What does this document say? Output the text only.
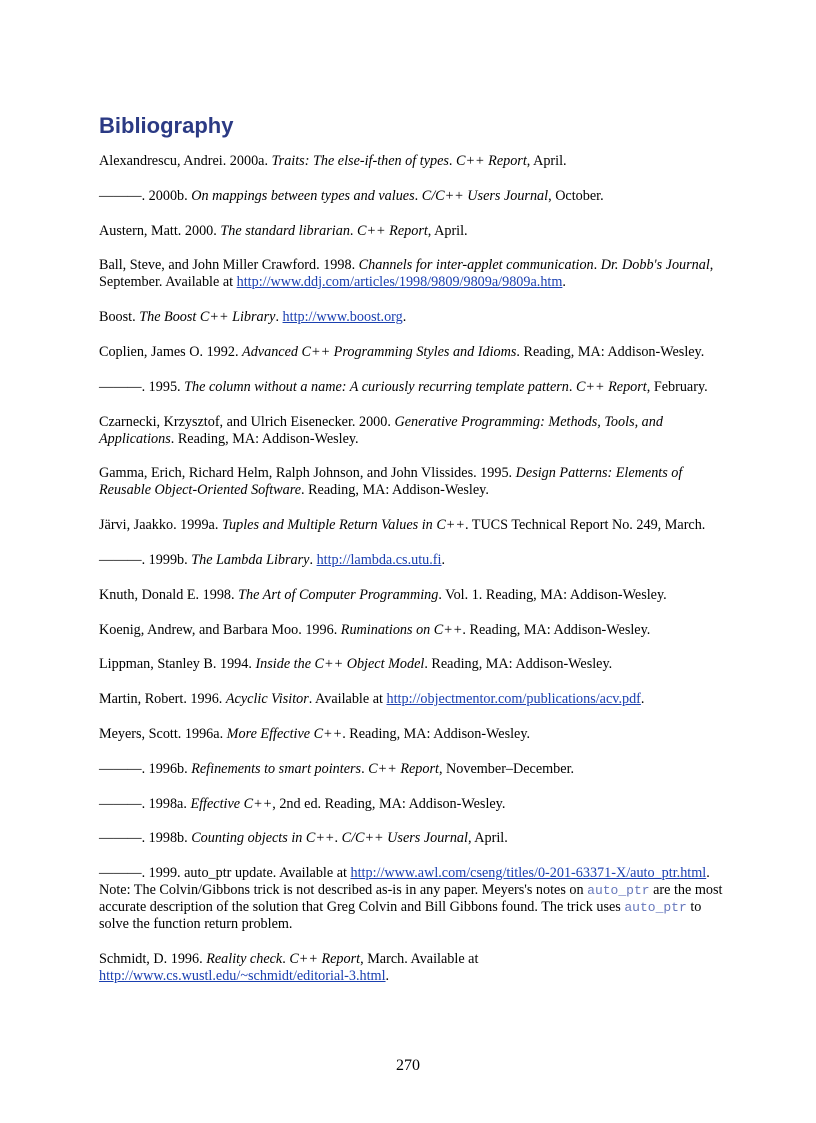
Bibliography

Alexandrescu, Andrei. 2000a. Traits: The else-if-then of types. C++ Report, April.

———. 2000b. On mappings between types and values. C/C++ Users Journal, October.

Austern, Matt. 2000. The standard librarian. C++ Report, April.

Ball, Steve, and John Miller Crawford. 1998. Channels for inter-applet communication. Dr. Dobb's Journal, September. Available at http://www.ddj.com/articles/1998/9809/9809a/9809a.htm.

Boost. The Boost C++ Library. http://www.boost.org.

Coplien, James O. 1992. Advanced C++ Programming Styles and Idioms. Reading, MA: Addison-Wesley.

———. 1995. The column without a name: A curiously recurring template pattern. C++ Report, February.

Czarnecki, Krzysztof, and Ulrich Eisenecker. 2000. Generative Programming: Methods, Tools, and Applications. Reading, MA: Addison-Wesley.

Gamma, Erich, Richard Helm, Ralph Johnson, and John Vlissides. 1995. Design Patterns: Elements of Reusable Object-Oriented Software. Reading, MA: Addison-Wesley.

Järvi, Jaakko. 1999a. Tuples and Multiple Return Values in C++. TUCS Technical Report No. 249, March.

———. 1999b. The Lambda Library. http://lambda.cs.utu.fi.

Knuth, Donald E. 1998. The Art of Computer Programming. Vol. 1. Reading, MA: Addison-Wesley.

Koenig, Andrew, and Barbara Moo. 1996. Ruminations on C++. Reading, MA: Addison-Wesley.

Lippman, Stanley B. 1994. Inside the C++ Object Model. Reading, MA: Addison-Wesley.

Martin, Robert. 1996. Acyclic Visitor. Available at http://objectmentor.com/publications/acv.pdf.

Meyers, Scott. 1996a. More Effective C++. Reading, MA: Addison-Wesley.

———. 1996b. Refinements to smart pointers. C++ Report, November–December.

———. 1998a. Effective C++, 2nd ed. Reading, MA: Addison-Wesley.

———. 1998b. Counting objects in C++. C/C++ Users Journal, April.

———. 1999. auto_ptr update. Available at http://www.awl.com/cseng/titles/0-201-63371-X/auto_ptr.html. Note: The Colvin/Gibbons trick is not described as-is in any paper. Meyers's notes on auto_ptr are the most accurate description of the solution that Greg Colvin and Bill Gibbons found. The trick uses auto_ptr to solve the function return problem.

Schmidt, D. 1996. Reality check. C++ Report, March. Available at http://www.cs.wustl.edu/~schmidt/editorial-3.html.

270
